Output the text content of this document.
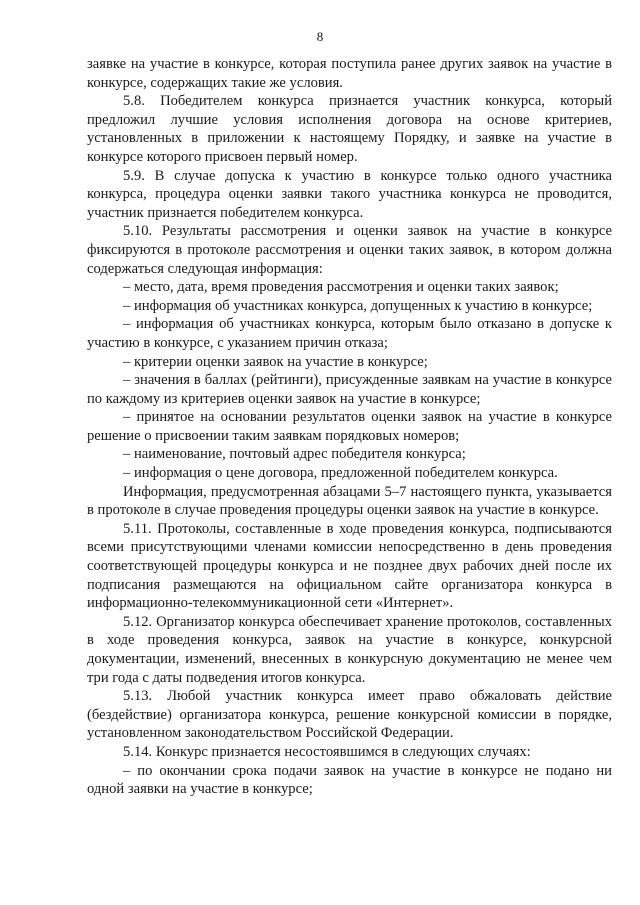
8

заявке на участие в конкурсе, которая поступила ранее других заявок на участие в конкурсе, содержащих такие же условия.

5.8. Победителем конкурса признается участник конкурса, который предложил лучшие условия исполнения договора на основе критериев, установленных в приложении к настоящему Порядку, и заявке на участие в конкурсе которого присвоен первый номер.

5.9. В случае допуска к участию в конкурсе только одного участника конкурса, процедура оценки заявки такого участника конкурса не проводится, участник признается победителем конкурса.

5.10. Результаты рассмотрения и оценки заявок на участие в конкурсе фиксируются в протоколе рассмотрения и оценки таких заявок, в котором должна содержаться следующая информация:

– место, дата, время проведения рассмотрения и оценки таких заявок;

– информация об участниках конкурса, допущенных к участию в конкурсе;

– информация об участниках конкурса, которым было отказано в допуске к участию в конкурсе, с указанием причин отказа;

– критерии оценки заявок на участие в конкурсе;

– значения в баллах (рейтинги), присужденные заявкам на участие в конкурсе по каждому из критериев оценки заявок на участие в конкурсе;

– принятое на основании результатов оценки заявок на участие в конкурсе решение о присвоении таким заявкам порядковых номеров;

– наименование, почтовый адрес победителя конкурса;

– информация о цене договора, предложенной победителем конкурса.

Информация, предусмотренная абзацами 5–7 настоящего пункта, указывается в протоколе в случае проведения процедуры оценки заявок на участие в конкурсе.

5.11. Протоколы, составленные в ходе проведения конкурса, подписываются всеми присутствующими членами комиссии непосредственно в день проведения соответствующей процедуры конкурса и не позднее двух рабочих дней после их подписания размещаются на официальном сайте организатора конкурса в информационно-телекоммуникационной сети «Интернет».

5.12. Организатор конкурса обеспечивает хранение протоколов, составленных в ходе проведения конкурса, заявок на участие в конкурсе, конкурсной документации, изменений, внесенных в конкурсную документацию не менее чем три года с даты подведения итогов конкурса.

5.13. Любой участник конкурса имеет право обжаловать действие (бездействие) организатора конкурса, решение конкурсной комиссии в порядке, установленном законодательством Российской Федерации.

5.14. Конкурс признается несостоявшимся в следующих случаях:

– по окончании срока подачи заявок на участие в конкурсе не подано ни одной заявки на участие в конкурсе;
